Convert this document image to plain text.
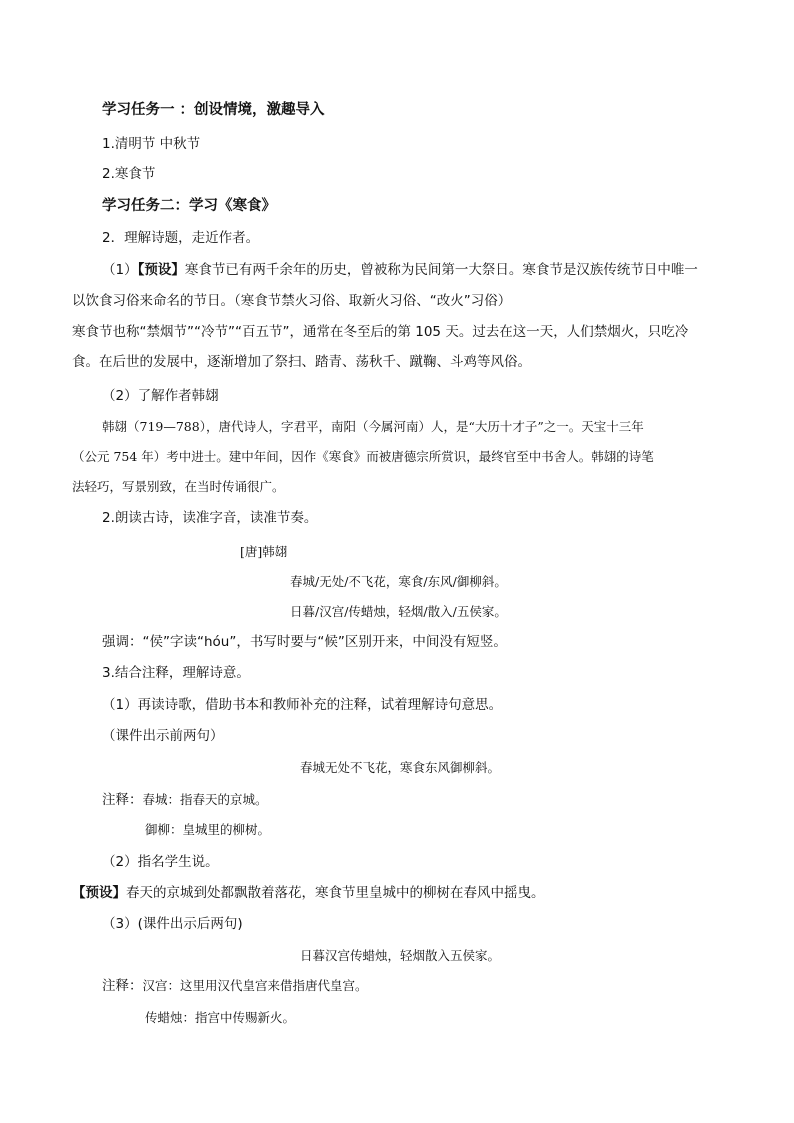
学习任务一 ：创设情境，激趣导入
1.清明节 中秋节
2.寒食节
学习任务二：学习《寒食》
2．理解诗题，走近作者。
（1）【预设】寒食节已有两千余年的历史，曾被称为民间第一大祭日。寒食节是汉族传统节日中唯一
以饮食习俗来命名的节日。（寒食节禁火习俗、取新火习俗、“改火”习俗）
寒食节也称“禁烟节”“冷节”“百五节”，通常在冬至后的第 105 天。过去在这一天，人们禁烟火，只吃冷
食。在后世的发展中，逐渐增加了祭扫、踏青、荡秋千、蹴鞠、斗鸡等风俗。
（2）了解作者韩翃
韩翃（719—788），唐代诗人，字君平，南阳（今属河南）人，是“大历十才子”之一。天宝十三年
（公元 754 年）考中进士。建中年间，因作《寒食》而被唐德宗所赏识，最终官至中书舍人。韩翃的诗笔
法轻巧，写景别致，在当时传诵很广。
2.朗读古诗，读准字音，读准节奏。
[唐]韩翃
春城/无处/不飞花，寒食/东风/御柳斜。
日暮/汉宫/传蜡烛，轻烟/散入/五侯家。
强调：“侯”字读“hóu”，书写时要与“候”区别开来，中间没有短竖。
3.结合注释，理解诗意。
（1）再读诗歌，借助书本和教师补充的注释，试着理解诗句意思。
（课件出示前两句）
春城无处不飞花，寒食东风御柳斜。
注释：春城：指春天的京城。
御柳：皇城里的柳树。
（2）指名学生说。
【预设】春天的京城到处都飘散着落花，寒食节里皇城中的柳树在春风中摇曳。
（3）(课件出示后两句)
日暮汉宫传蜡烛，轻烟散入五侯家。
注释：汉宫：这里用汉代皇宫来借指唐代皇宫。
传蜡烛：指宫中传赐新火。
